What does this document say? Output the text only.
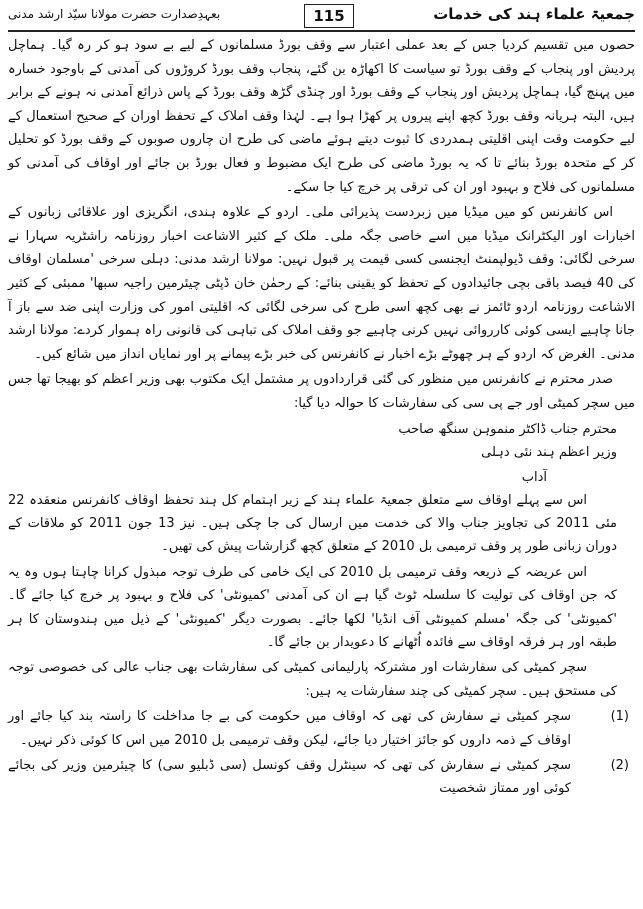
بعہدِصدارت حضرت مولانا سیّد ارشد مدنی	115	جمعیۃ علماء ہند کی خدمات

حصوں میں تقسیم کردیا جس کے بعد عملی اعتبار سے وقف بورڈ مسلمانوں کے لیے بے سود ہو کر رہ گیا۔ ہماچل پردیش اور پنجاب کے وقف بورڈ تو سیاست کا اکھاڑہ بن گئے، پنجاب وقف بورڈ کروڑوں کی آمدنی کے باوجود خسارہ میں پہنچ گیا، ہماچل پردیش اور پنجاب کے وقف بورڈ اور چنڈی گڑھ وقف بورڈ کے پاس ذرائع آمدنی نہ ہونے کے برابر ہیں، البتہ ہریانہ وقف بورڈ کچھ اپنے پیروں پر کھڑا ہوا ہے۔ لہٰذا وقف املاک کے تحفظ اوران کے صحیح استعمال کے لیے حکومت وقت اپنی اقلیتی ہمدردی کا ثبوت دیتے ہوئے ماضی کی طرح ان چاروں صوبوں کے وقف بورڈ کو تحلیل کر کے متحدہ بورڈ بنائے تا کہ یہ بورڈ ماضی کی طرح ایک مضبوط و فعال بورڈ بن جائے اور اوقاف کی آمدنی کو مسلمانوں کی فلاح و بہبود اور ان کی ترقی پر خرچ کیا جا سکے۔

اس کانفرنس کو میں میڈیا میں زبردست پذیرائی ملی۔ اردو کے علاوہ ہندی، انگریزی اور علاقائی زبانوں کے اخبارات اور الیکٹرانک میڈیا میں اسے خاصی جگہ ملی۔ ملک کے کثیر الاشاعت اخبار روزنامہ راشٹریہ سہارا نے سرخی لگائی: وقف ڈیولپمنٹ ایجنسی کسی قیمت پر قبول نہیں: مولانا ارشد مدنی: دہلی سرخی 'مسلمان اوقاف کی 40 فیصد باقی بچی جائیدادوں کے تحفظ کو یقینی بنائے: کے رحمٰن خان ڈپٹی چیئرمین راجیہ سبھا' ممبئی کے کثیر الاشاعت روزنامہ اردو ٹائمز نے بھی کچھ اسی طرح کی سرخی لگائی کہ اقلیتی امور کی وزارت اپنی ضد سے باز آ جانا چاہیے ایسی کوئی کارروائی نہیں کرنی چاہیے جو وقف املاک کی تباہی کی قانونی راہ ہموار کردے: مولانا ارشد مدنی۔ الغرض کہ اردو کے ہر چھوٹے بڑے اخبار نے کانفرنس کی خبر بڑے پیمانے پر اور نمایاں انداز میں شائع کیں۔

صدر محترم نے کانفرنس میں منظور کی گئی قراردادوں پر مشتمل ایک مکتوب بھی وزیر اعظم کو بھیجا تھا جس میں سچر کمیٹی اور جے پی سی کی سفارشات کا حوالہ دیا گیا:

محترم جناب ڈاکٹر منموہن سنگھ صاحب
وزیر اعظم ہند نئی دہلی

آداب

اس سے پہلے اوقاف سے متعلق جمعیۃ علماء ہند کے زیر اہتمام کل ہند تحفظ اوقاف کانفرنس منعقدہ 22 مئی 2011 کی تجاویز جناب والا کی خدمت میں ارسال کی جا چکی ہیں۔ نیز 13 جون 2011 کو ملاقات کے دوران زبانی طور پر وقف ترمیمی بل 2010 کے متعلق کچھ گزارشات پیش کی تھیں۔

اس عریضہ کے ذریعہ وقف ترمیمی بل 2010 کی ایک خامی کی طرف توجہ مبذول کرانا چاہتا ہوں وہ یہ کہ جن اوقاف کی تولیت کا سلسلہ ٹوٹ گیا ہے ان کی آمدنی 'کمیونٹی' کی فلاح و بہبود پر خرچ کیا جائے گا۔ 'کمیونٹی' کی جگہ 'مسلم کمیونٹی آف انڈیا' لکھا جائے۔ بصورت دیگر 'کمیونٹی' کے ذیل میں ہندوستان کا ہر طبقہ اور ہر فرقہ اوقاف سے فائدہ اُٹھانے کا دعویدار بن جائے گا۔

سچر کمیٹی کی سفارشات اور مشترکہ پارلیمانی کمیٹی کی سفارشات بھی جناب عالی کی خصوصی توجہ کی مستحق ہیں۔ سچر کمیٹی کی چند سفارشات یہ ہیں:

(1)
سچر کمیٹی نے سفارش کی تھی کہ اوقاف میں حکومت کی بے جا مداخلت کا راستہ بند کیا جائے اور اوقاف کے ذمہ داروں کو جائز اختیار دیا جائے، لیکن وقف ترمیمی بل 2010 میں اس کا کوئی ذکر نہیں۔
(2)
سچر کمیٹی نے سفارش کی تھی کہ سینٹرل وقف کونسل (سی ڈبلیو سی) کا چیئرمین وزیر کی بجائے کوئی اور ممتاز شخصیت
